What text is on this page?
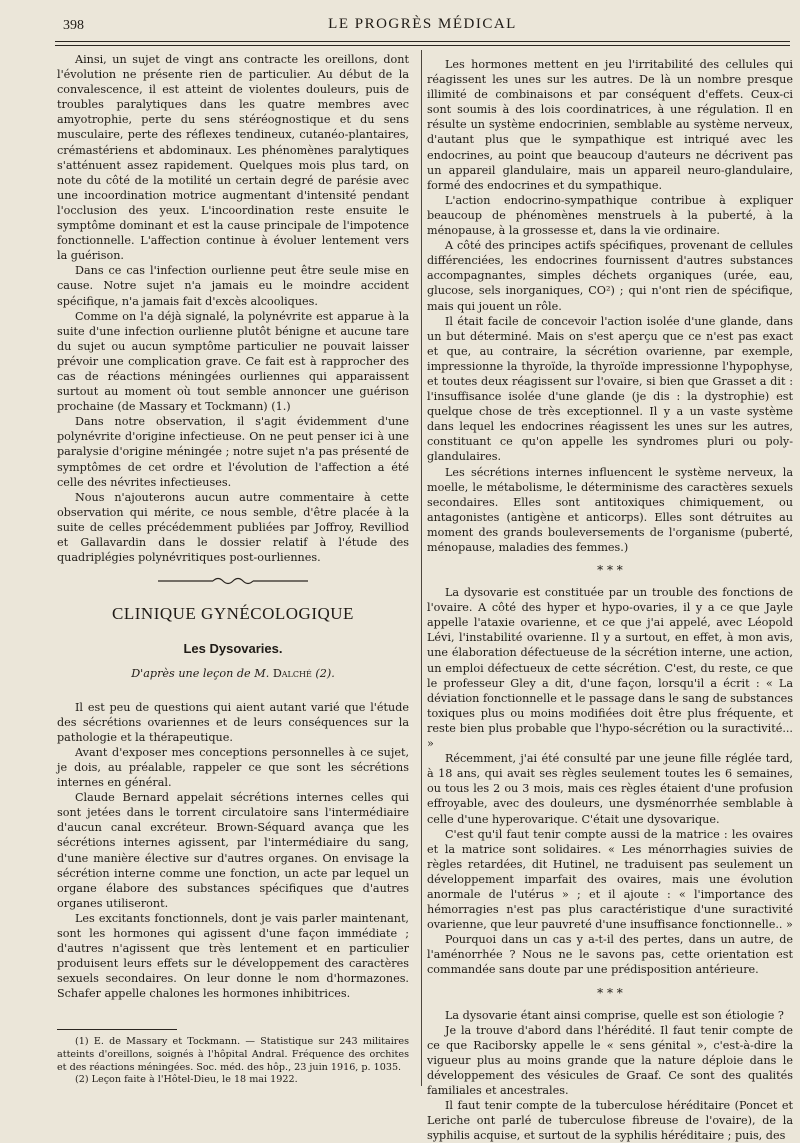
398	LE PROGRÈS MÉDICAL

Ainsi, un sujet de vingt ans contracte les oreillons, dont l'évolution ne présente rien de particulier. Au début de la convalescence, il est atteint de violentes douleurs, puis de troubles paralytiques dans les quatre membres avec amyotrophie, perte du sens stéréognostique et du sens musculaire, perte des réflexes tendineux, cutanéo-plantaires, crémastériens et abdominaux. Les phénomènes paralytiques s'atténuent assez rapidement. Quelques mois plus tard, on note du côté de la motilité un certain degré de parésie avec une incoordination motrice augmentant d'intensité pendant l'occlusion des yeux. L'incoordination reste ensuite le symptôme dominant et est la cause principale de l'impotence fonctionnelle. L'affection continue à évoluer lentement vers la guérison.

Dans ce cas l'infection ourlienne peut être seule mise en cause. Notre sujet n'a jamais eu le moindre accident spécifique, n'a jamais fait d'excès alcooliques.

Comme on l'a déjà signalé, la polynévrite est apparue à la suite d'une infection ourlienne plutôt bénigne et aucune tare du sujet ou aucun symptôme particulier ne pouvait laisser prévoir une complication grave. Ce fait est à rapprocher des cas de réactions méningées ourliennes qui apparaissent surtout au moment où tout semble annoncer une guérison prochaine (de Massary et Tockmann) (1.)

Dans notre observation, il s'agit évidemment d'une polynévrite d'origine infectieuse. On ne peut penser ici à une paralysie d'origine méningée ; notre sujet n'a pas présenté de symptômes de cet ordre et l'évolution de l'affection a été celle des névrites infectieuses.

Nous n'ajouterons aucun autre commentaire à cette observation qui mérite, ce nous semble, d'être placée à la suite de celles précédemment publiées par Joffroy, Revilliod et Gallavardin dans le dossier relatif à l'étude des quadriplégies polynévritiques post-ourliennes.

CLINIQUE GYNÉCOLOGIQUE
Les Dysovaries.
D'après une leçon de M. Dalché (2).

Il est peu de questions qui aient autant varié que l'étude des sécrétions ovariennes et de leurs conséquences sur la pathologie et la thérapeutique.

Avant d'exposer mes conceptions personnelles à ce sujet, je dois, au préalable, rappeler ce que sont les sécrétions internes en général.

Claude Bernard appelait sécrétions internes celles qui sont jetées dans le torrent circulatoire sans l'intermédiaire d'aucun canal excréteur. Brown-Séquard avança que les sécrétions internes agissent, par l'intermédiaire du sang, d'une manière élective sur d'autres organes. On envisage la sécrétion interne comme une fonction, un acte par lequel un organe élabore des substances spécifiques que d'autres organes utiliseront.

Les excitants fonctionnels, dont je vais parler maintenant, sont les hormones qui agissent d'une façon immédiate ; d'autres n'agissent que très lentement et en particulier produisent leurs effets sur le développement des caractères sexuels secondaires. On leur donne le nom d'hormazones. Schafer appelle chalones les hormones inhibitrices.

(1) E. de Massary et Tockmann. — Statistique sur 243 militaires atteints d'oreillons, soignés à l'hôpital Andral. Fréquence des orchites et des réactions méningées. Soc. méd. des hôp., 23 juin 1916, p. 1035.

(2) Leçon faite à l'Hôtel-Dieu, le 18 mai 1922.

Les hormones mettent en jeu l'irritabilité des cellules qui réagissent les unes sur les autres. De là un nombre presque illimité de combinaisons et par conséquent d'effets. Ceux-ci sont soumis à des lois coordinatrices, à une régulation. Il en résulte un système endocrinien, semblable au système nerveux, d'autant plus que le sympathique est intriqué avec les endocrines, au point que beaucoup d'auteurs ne décrivent pas un appareil glandulaire, mais un appareil neuro-glandulaire, formé des endocrines et du sympathique.

L'action endocrino-sympathique contribue à expliquer beaucoup de phénomènes menstruels à la puberté, à la ménopause, à la grossesse et, dans la vie ordinaire.

A côté des principes actifs spécifiques, provenant de cellules différenciées, les endocrines fournissent d'autres substances accompagnantes, simples déchets organiques (urée, eau, glucose, sels inorganiques, CO²) ; qui n'ont rien de spécifique, mais qui jouent un rôle.

Il était facile de concevoir l'action isolée d'une glande, dans un but déterminé. Mais on s'est aperçu que ce n'est pas exact et que, au contraire, la sécrétion ovarienne, par exemple, impressionne la thyroïde, la thyroïde impressionne l'hypophyse, et toutes deux réagissent sur l'ovaire, si bien que Grasset a dit : l'insuffisance isolée d'une glande (je dis : la dystrophie) est quelque chose de très exceptionnel. Il y a un vaste système dans lequel les endocrines réagissent les unes sur les autres, constituant ce qu'on appelle les syndromes pluri ou poly-glandulaires.

Les sécrétions internes influencent le système nerveux, la moelle, le métabolisme, le déterminisme des caractères sexuels secondaires. Elles sont antitoxiques chimiquement, ou antagonistes (antigène et anticorps). Elles sont détruites au moment des grands bouleversements de l'organisme (puberté, ménopause, maladies des femmes.)

* * *

La dysovarie est constituée par un trouble des fonctions de l'ovaire. A côté des hyper et hypo-ovaries, il y a ce que Jayle appelle l'ataxie ovarienne, et ce que j'ai appelé, avec Léopold Lévi, l'instabilité ovarienne. Il y a surtout, en effet, à mon avis, une élaboration défectueuse de la sécrétion interne, une action, un emploi défectueux de cette sécrétion. C'est, du reste, ce que le professeur Gley a dit, d'une façon, lorsqu'il a écrit : « La déviation fonctionnelle et le passage dans le sang de substances toxiques plus ou moins modifiées doit être plus fréquente, et reste bien plus probable que l'hypo-sécrétion ou la suractivité... »

Récemment, j'ai été consulté par une jeune fille réglée tard, à 18 ans, qui avait ses règles seulement toutes les 6 semaines, ou tous les 2 ou 3 mois, mais ces règles étaient d'une profusion effroyable, avec des douleurs, une dysménorrhée semblable à celle d'une hyperovarique. C'était une dysovarique.

C'est qu'il faut tenir compte aussi de la matrice : les ovaires et la matrice sont solidaires. « Les ménorrhagies suivies de règles retardées, dit Hutinel, ne traduisent pas seulement un développement imparfait des ovaires, mais une évolution anormale de l'utérus » ; et il ajoute : « l'importance des hémorragies n'est pas plus caractéristique d'une suractivité ovarienne, que leur pauvreté d'une insuffisance fonctionnelle.. »

Pourquoi dans un cas y a-t-il des pertes, dans un autre, de l'aménorrhée ? Nous ne le savons pas, cette orientation est commandée sans doute par une prédisposition antérieure.

* * *

La dysovarie étant ainsi comprise, quelle est son étiologie ?

Je la trouve d'abord dans l'hérédité. Il faut tenir compte de ce que Raciborsky appelle le « sens génital », c'est-à-dire la vigueur plus au moins grande que la nature déploie dans le développement des vésicules de Graaf. Ce sont des qualités familiales et ancestrales.

Il faut tenir compte de la tuberculose héréditaire (Poncet et Leriche ont parlé de tuberculose fibreuse de l'ovaire), de la syphilis acquise, et surtout de la syphilis héréditaire ; puis, des
